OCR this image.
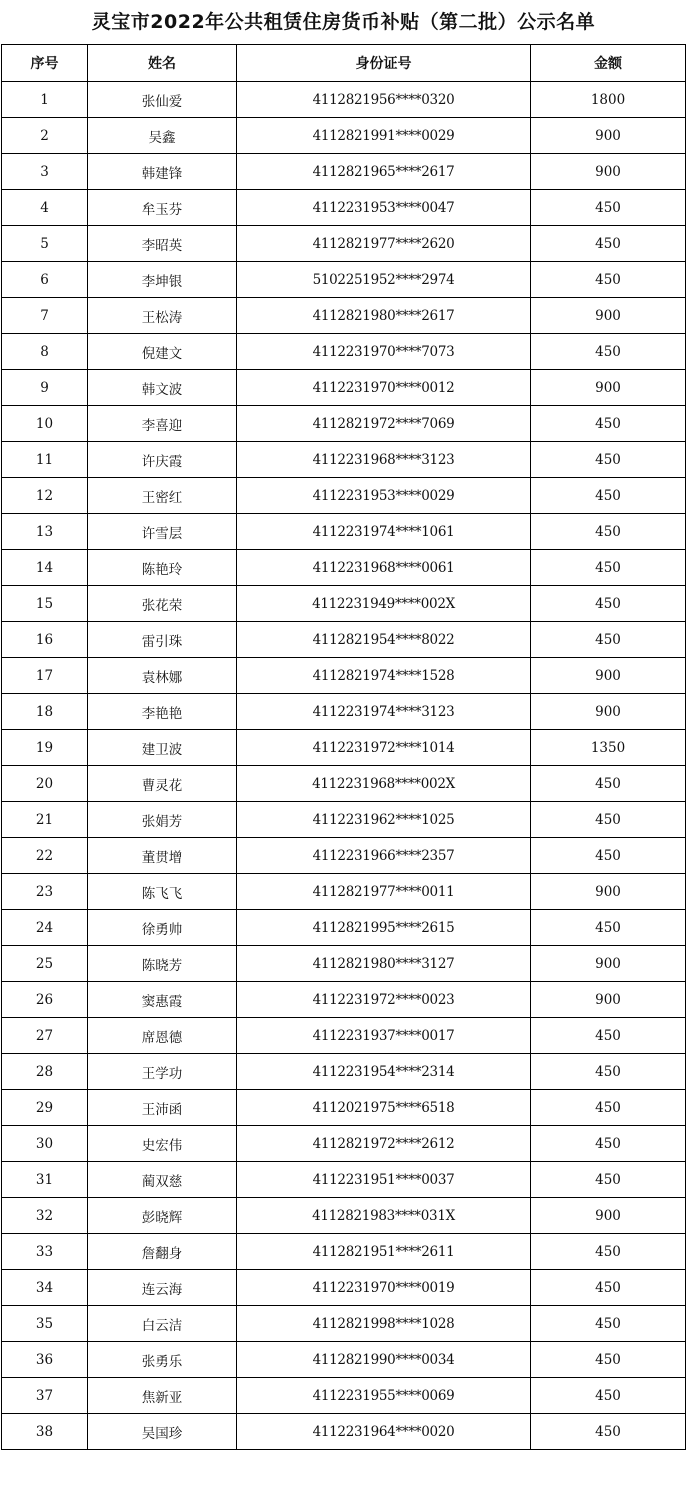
灵宝市2022年公共租赁住房货币补贴（第二批）公示名单
序号	姓名	身份证号	金额
1	张仙爱	4112821956****0320	1800
2	吴鑫	4112821991****0029	900
3	韩建锋	4112821965****2617	900
4	牟玉芬	4112231953****0047	450
5	李昭英	4112821977****2620	450
6	李坤银	5102251952****2974	450
7	王松涛	4112821980****2617	900
8	倪建文	4112231970****7073	450
9	韩文波	4112231970****0012	900
10	李喜迎	4112821972****7069	450
11	许庆霞	4112231968****3123	450
12	王密红	4112231953****0029	450
13	许雪层	4112231974****1061	450
14	陈艳玲	4112231968****0061	450
15	张花荣	4112231949****002X	450
16	雷引珠	4112821954****8022	450
17	袁林娜	4112821974****1528	900
18	李艳艳	4112231974****3123	900
19	建卫波	4112231972****1014	1350
20	曹灵花	4112231968****002X	450
21	张娟芳	4112231962****1025	450
22	董贯增	4112231966****2357	450
23	陈飞飞	4112821977****0011	900
24	徐勇帅	4112821995****2615	450
25	陈晓芳	4112821980****3127	900
26	窦惠霞	4112231972****0023	900
27	席恩德	4112231937****0017	450
28	王学功	4112231954****2314	450
29	王沛函	4112021975****6518	450
30	史宏伟	4112821972****2612	450
31	蔺双慈	4112231951****0037	450
32	彭晓辉	4112821983****031X	900
33	詹翻身	4112821951****2611	450
34	连云海	4112231970****0019	450
35	白云洁	4112821998****1028	450
36	张勇乐	4112821990****0034	450
37	焦新亚	4112231955****0069	450
38	吴国珍	4112231964****0020	450
